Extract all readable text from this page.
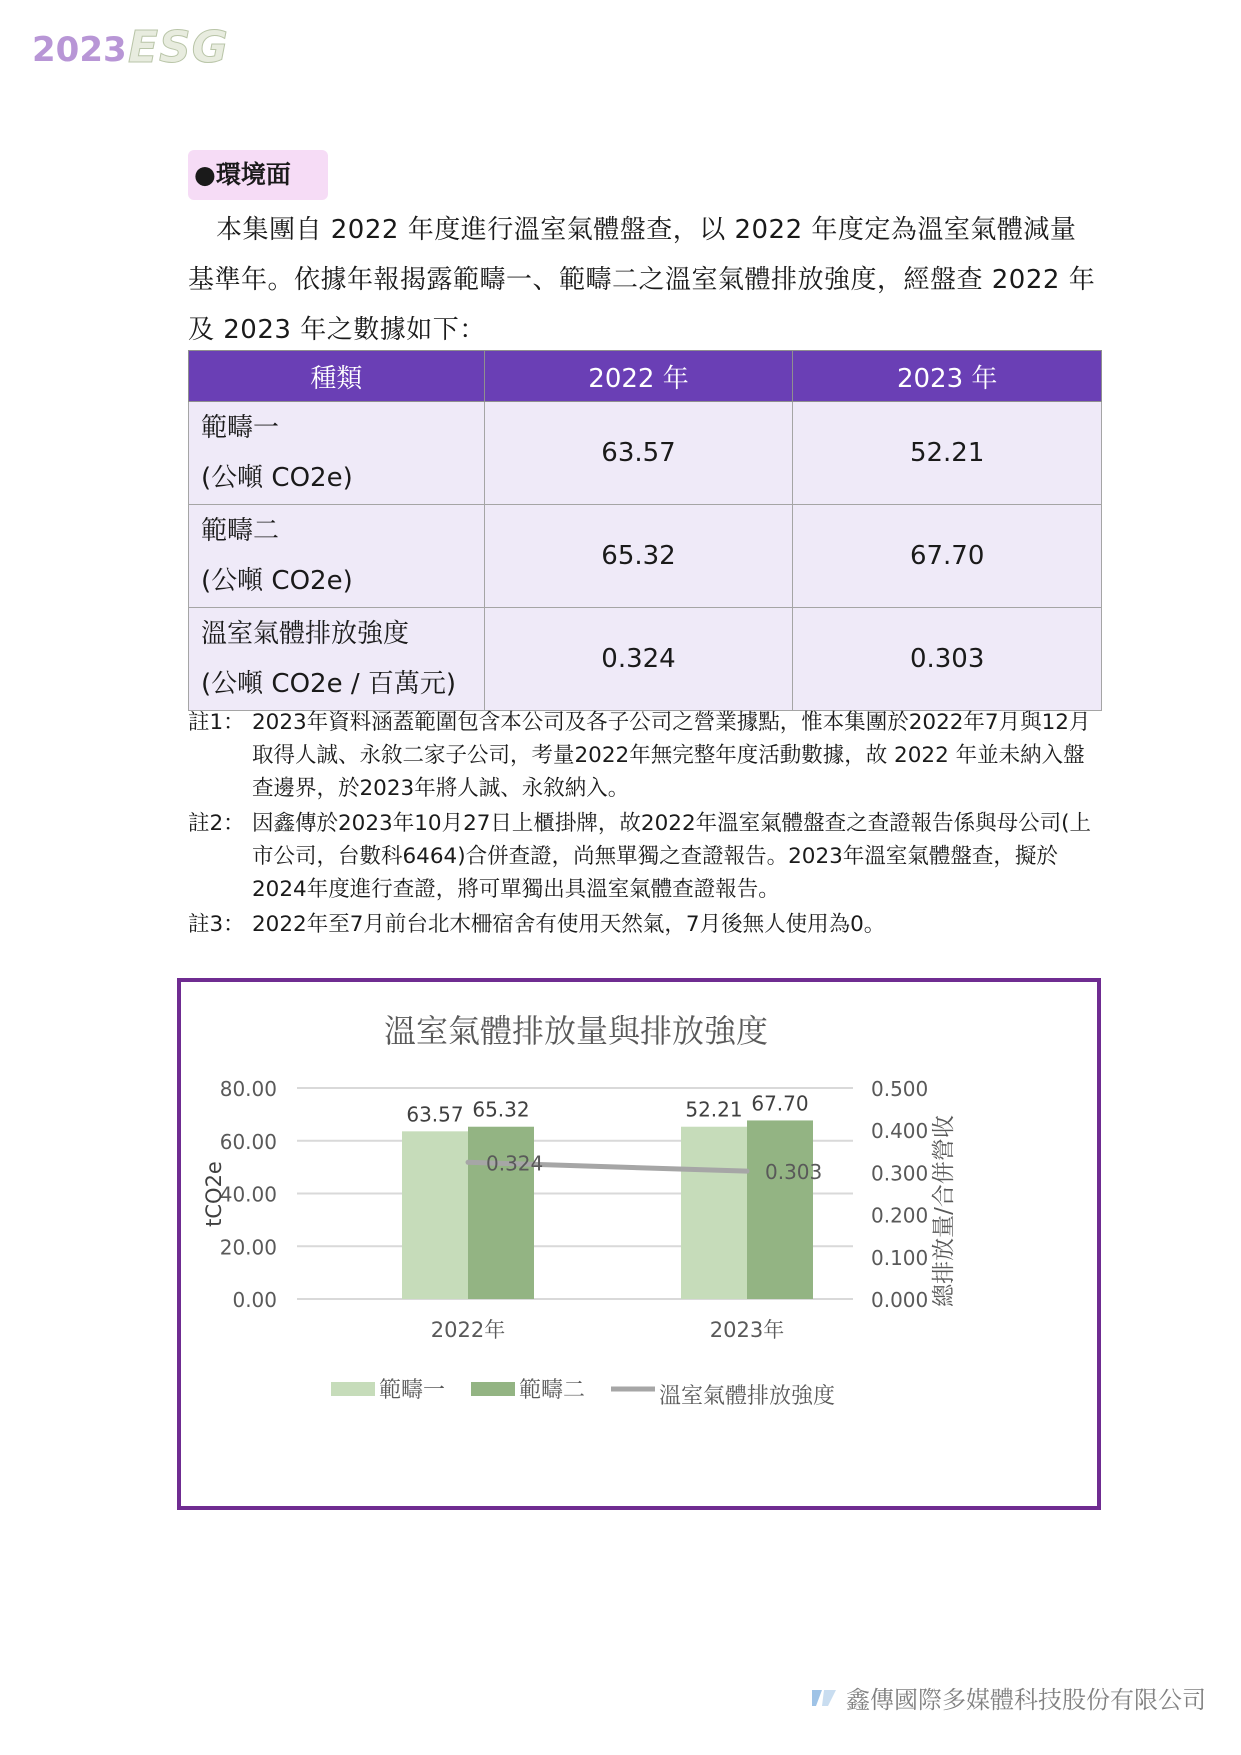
2023 ESG
●環境面

本集團自 2022 年度進行溫室氣體盤查，以 2022 年度定為溫室氣體減量基準年。依據年報揭露範疇一、範疇二之溫室氣體排放強度，經盤查 2022 年及 2023 年之數據如下：

種類	2022 年	2023 年

範疇一
(公噸 CO2e)	63.57	52.21

範疇二
(公噸 CO2e)	65.32	67.70

溫室氣體排放強度
(公噸 CO2e / 百萬元)	0.324	0.303
註1： 2023年資料涵蓋範圍包含本公司及各子公司之營業據點，惟本集團於2022年7月與12月取得人誠、永敘二家子公司，考量2022年無完整年度活動數據，故 2022 年並未納入盤查邊界，於2023年將人誠、永敘納入。
註2： 因鑫傳於2023年10月27日上櫃掛牌，故2022年溫室氣體盤查之查證報告係與母公司(上市公司，台數科6464)合併查證，尚無單獨之查證報告。2023年溫室氣體盤查，擬於2024年度進行查證，將可單獨出具溫室氣體查證報告。
註3： 2022年至7月前台北木柵宿舍有使用天然氣，7月後無人使用為0。
溫室氣體排放量與排放強度
0.00
20.00
40.00
60.00
80.00
0.000
0.100
0.200
0.300
0.400
0.500
tCO2e	總排放量/合併營收
63.57 65.32
2022年
52.21 67.70
2023年
0.324	0.303
範疇一	範疇二	溫室氣體排放強度
鑫傳國際多媒體科技股份有限公司
